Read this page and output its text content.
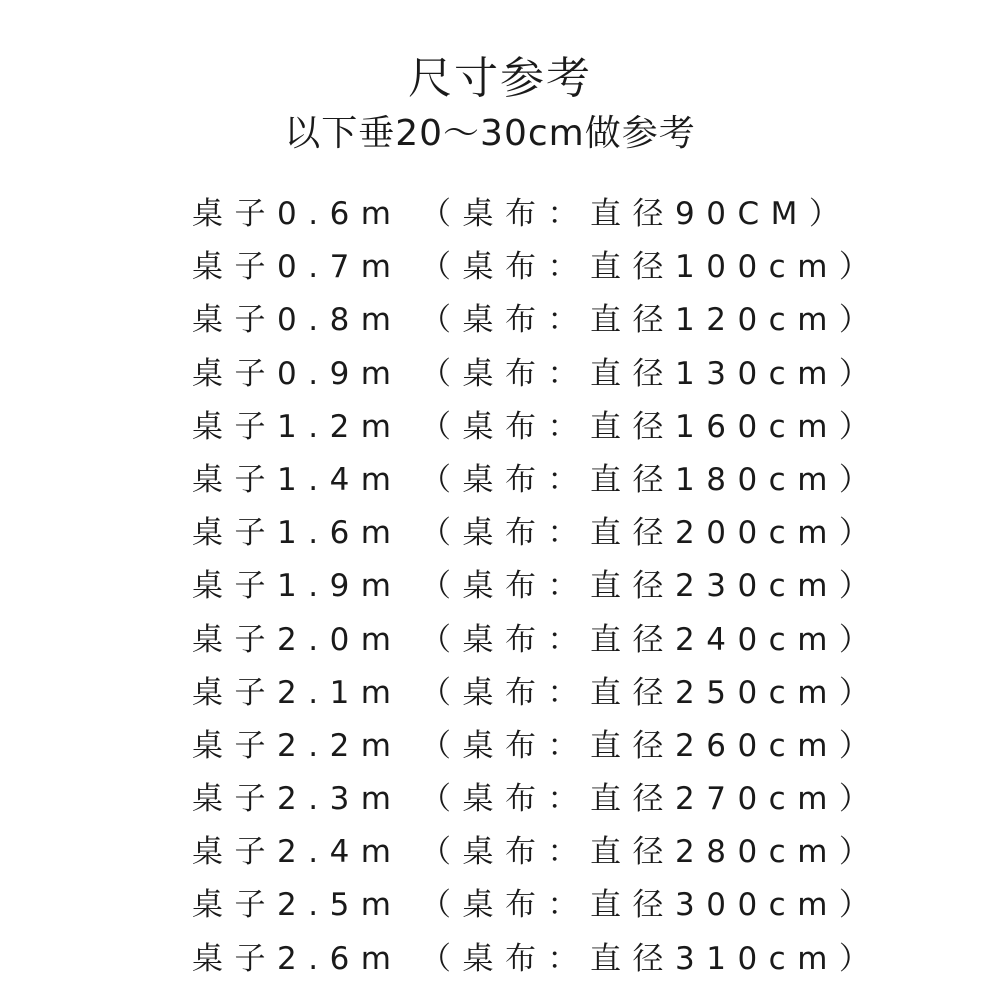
尺寸参考
以下垂20～30cm做参考
桌子0.6m （桌布：直径90CM）
桌子0.7m （桌布：直径100cm）
桌子0.8m （桌布：直径120cm）
桌子0.9m （桌布：直径130cm）
桌子1.2m （桌布：直径160cm）
桌子1.4m （桌布：直径180cm）
桌子1.6m （桌布：直径200cm）
桌子1.9m （桌布：直径230cm）
桌子2.0m （桌布：直径240cm）
桌子2.1m （桌布：直径250cm）
桌子2.2m （桌布：直径260cm）
桌子2.3m （桌布：直径270cm）
桌子2.4m （桌布：直径280cm）
桌子2.5m （桌布：直径300cm）
桌子2.6m （桌布：直径310cm）
